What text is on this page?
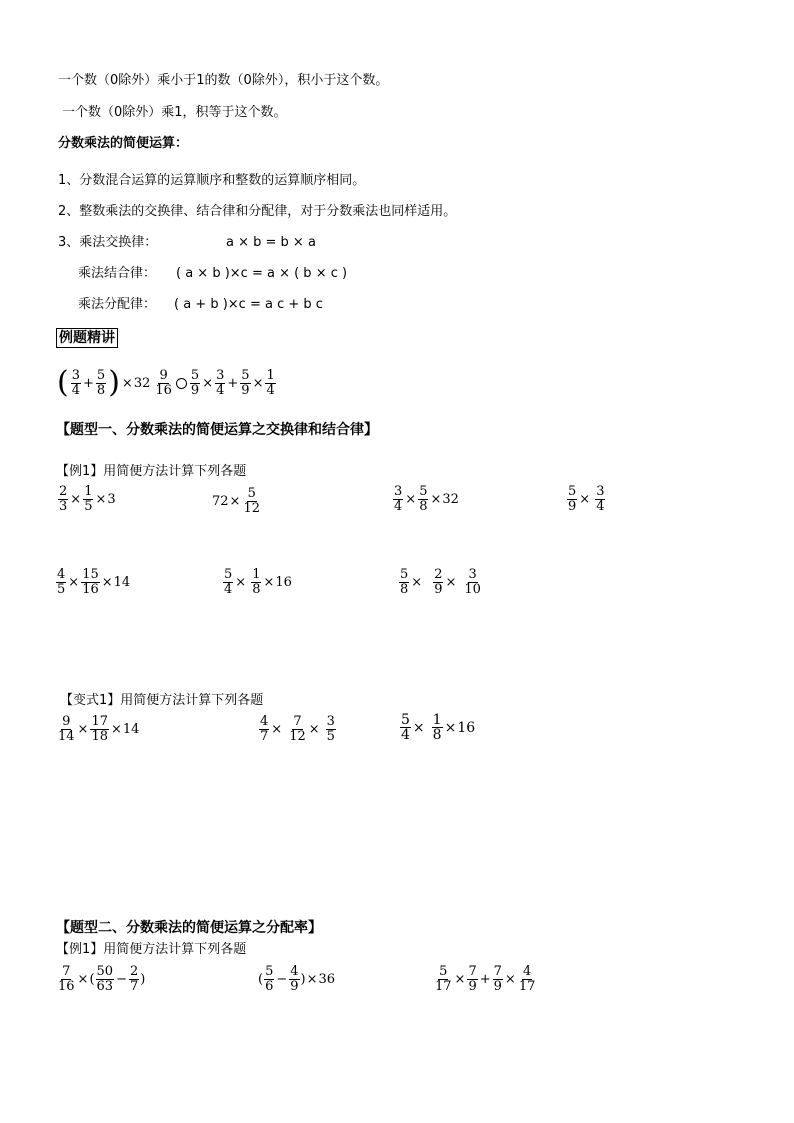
一个数（0除外）乘小于1的数（0除外），积小于这个数。
一个数（0除外）乘1，积等于这个数。
分数乘法的简便运算：
1、分数混合运算的运算顺序和整数的运算顺序相同。
2、整数乘法的交换律、结合律和分配律，对于分数乘法也同样适用。
3、乘法交换律：	a × b = b × a
乘法结合律： ( a × b )×c = a × ( b × c )
乘法分配律： ( a + b )×c = a c + b c
例题精讲
( $\frac{3}{4} + \frac{5}{8}$ ) × $32 \frac{9}{16} \frac{5}{9} \times \frac{3}{4} + \frac{5}{9} \times \frac{1}{4}$
【题型一、分数乘法的简便运算之交换律和结合律】
【例1】用简便方法计算下列各题
$\frac{2}{3} \times \frac{1}{5} \times 3$	$72 \times \frac{5}{12}$	$\frac{3}{4} \times \frac{5}{8} \times 32$	$\frac{5}{9} \times \frac{3}{4}$
$\frac{4}{5} \times \frac{15}{16} \times 14$	$\frac{5}{4} \times \frac{1}{8} \times 16$	$\frac{5}{8} \times \frac{2}{9} \times \frac{3}{10}$
【变式1】用简便方法计算下列各题
$\frac{9}{14} \times \frac{17}{18} \times 14$	$\frac{4}{7} \times \frac{7}{12} \times \frac{3}{5}$	$\frac{5}{4} \times \frac{1}{8} \times 16$
【题型二、分数乘法的简便运算之分配率】
【例1】用简便方法计算下列各题
$\frac{7}{16}$ × ( $\frac{50}{63} - \frac{2}{7}$ )	( $\frac{5}{6} - \frac{4}{9}$ ) × 36	$\frac{5}{17} \times \frac{7}{9} + \frac{7}{9} \times \frac{4}{17}$
